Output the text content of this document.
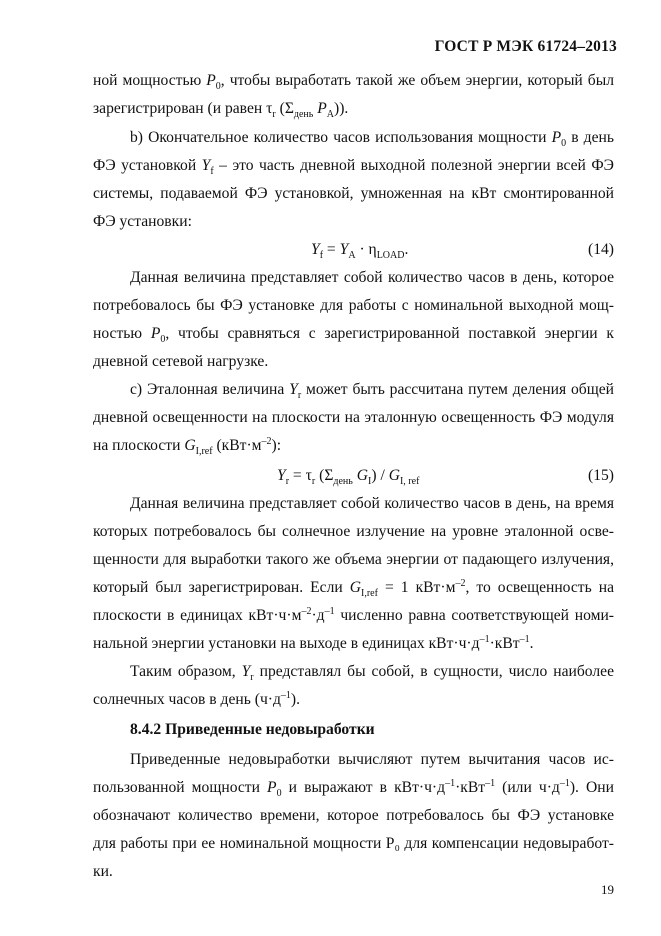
ГОСТ Р МЭК 61724–2013
ной мощностью $P_0$, чтобы выработать такой же объем энергии, который был
зарегистрирован (и равен $\tau_r$ ($\Sigma_{день}$ $P_A$)).
b) Окончательное количество часов использования мощности $P_0$ в день
ФЭ установкой $Y_f$ – это часть дневной выходной полезной энергии всей ФЭ
системы, подаваемой ФЭ установкой, умноженная на кВт смонтированной
ФЭ установки:
$Y_f = Y_A \cdot \eta_{LOAD}$.	(14)
Данная величина представляет собой количество часов в день, которое
потребовалось бы ФЭ установке для работы с номинальной выходной мощ-
ностью $P_0$, чтобы сравняться с зарегистрированной поставкой энергии к
дневной сетевой нагрузке.
c) Эталонная величина $Y_r$ может быть рассчитана путем деления общей
дневной освещенности на плоскости на эталонную освещенность ФЭ модуля
на плоскости $G_{I,ref}$ $(кВт\cdot м^{-2})$:
$Y_r = \tau_r$ ($\Sigma_{день}$ $G_I) / G_{I, ref}$	(15)
Данная величина представляет собой количество часов в день, на время
которых потребовалось бы солнечное излучение на уровне эталонной осве-
щенности для выработки такого же объема энергии от падающего излучения,
который был зарегистрирован. Если $G_{I,ref} = 1$ $кВт\cdot м^{-2}$, то освещенность на
плоскости в единицах $кВт\cdot ч\cdot м^{-2}\cdot д^{-1}$ численно равна соответствующей номи-
нальной энергии установки на выходе в единицах $кВт\cdot ч\cdot д^{-1}\cdot кВт^{-1}$.
Таким образом, $Y_r$ представлял бы собой, в сущности, число наиболее
солнечных часов в день $(ч\cdot д^{-1})$.
8.4.2 Приведенные недовыработки
Приведенные недовыработки вычисляют путем вычитания часов ис-
пользованной мощности $P_0$ и выражают в $кВт\cdot ч\cdot д^{-1}\cdot кВт^{-1}$ (или $ч\cdot д^{-1}$). Они
обозначают количество времени, которое потребовалось бы ФЭ установке
для работы при ее номинальной мощности P₀ для компенсации недовыработ-
ки.
19
